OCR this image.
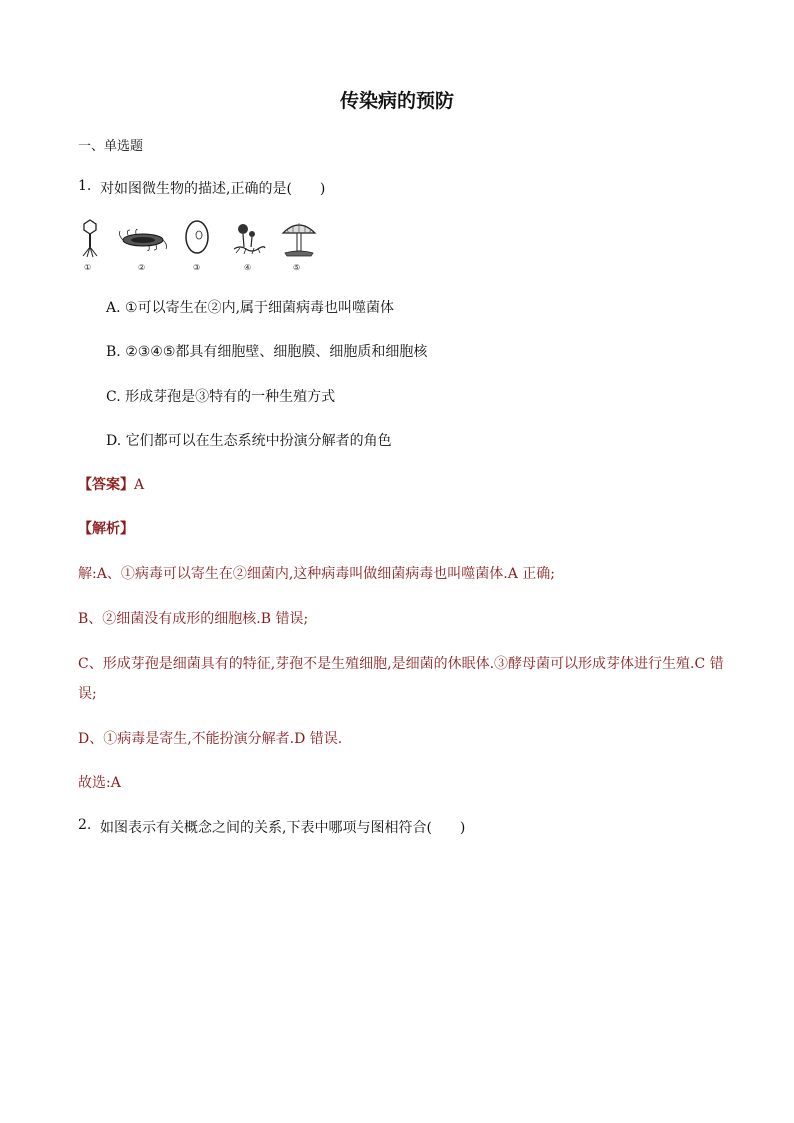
传染病的预防
一、单选题
1. 对如图微生物的描述,正确的是(　　)
①	②	③	④	⑤
A. ①可以寄生在②内,属于细菌病毒也叫噬菌体
B. ②③④⑤都具有细胞壁、细胞膜、细胞质和细胞核
C. 形成芽孢是③特有的一种生殖方式
D. 它们都可以在生态系统中扮演分解者的角色
【答案】A
【解析】
解:A、①病毒可以寄生在②细菌内,这种病毒叫做细菌病毒也叫噬菌体.A 正确;
B、②细菌没有成形的细胞核.B 错误;
C、形成芽孢是细菌具有的特征,芽孢不是生殖细胞,是细菌的休眠体.③酵母菌可以形成芽体进行生殖.C 错
误;
D、①病毒是寄生,不能扮演分解者.D 错误.
故选:A
2. 如图表示有关概念之间的关系,下表中哪项与图相符合(　　)
